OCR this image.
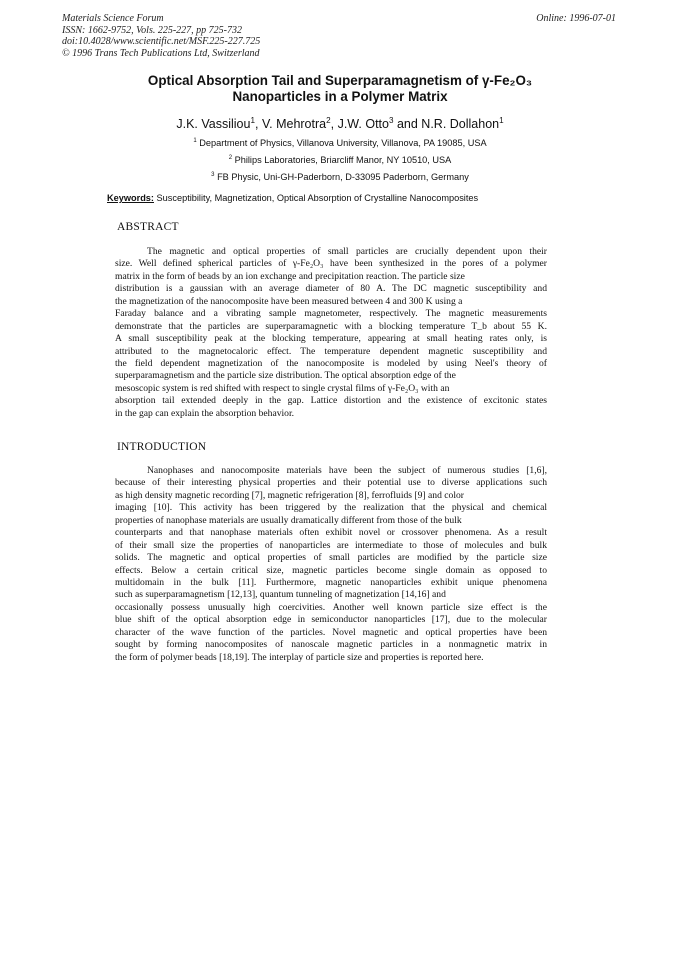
Materials Science Forum
ISSN: 1662-9752, Vols. 225-227, pp 725-732
doi:10.4028/www.scientific.net/MSF.225-227.725
© 1996 Trans Tech Publications Ltd, Switzerland
Online: 1996-07-01
Optical Absorption Tail and Superparamagnetism of γ-Fe₂O₃
Nanoparticles in a Polymer Matrix
J.K. Vassiliou$^1$, V. Mehrotra$^2$, J.W. Otto$^3$ and N.R. Dollahon$^1$
$^1$ Department of Physics, Villanova University, Villanova, PA 19085, USA
$^2$ Philips Laboratories, Briarcliff Manor, NY 10510, USA
$^3$ FB Physic, Uni-GH-Paderborn, D-33095 Paderborn, Germany
Keywords: Susceptibility, Magnetization, Optical Absorption of Crystalline Nanocomposites
ABSTRACT
The magnetic and optical properties of small particles are crucially dependent upon their
size. Well defined spherical particles of γ-Fe₂O₃ have been synthesized in the pores of a polymer
matrix in the form of beads by an ion exchange and precipitation reaction. The particle size
distribution is a gaussian with an average diameter of 80 A. The DC magnetic susceptibility and
the magnetization of the nanocomposite have been measured between 4 and 300 K using a
Faraday balance and a vibrating sample magnetometer, respectively. The magnetic measurements
demonstrate that the particles are superparamagnetic with a blocking temperature T_b about 55 K.
A small susceptibility peak at the blocking temperature, appearing at small heating rates only, is
attributed to the magnetocaloric effect. The temperature dependent magnetic susceptibility and
the field dependent magnetization of the nanocomposite is modeled by using Neel's theory of
superparamagnetism and the particle size distribution. The optical absorption edge of the
mesoscopic system is red shifted with respect to single crystal films of γ-Fe₂O₃ with an
absorption tail extended deeply in the gap. Lattice distortion and the existence of excitonic states
in the gap can explain the absorption behavior.
INTRODUCTION
Nanophases and nanocomposite materials have been the subject of numerous studies [1,6],
because of their interesting physical properties and their potential use to diverse applications such
as high density magnetic recording [7], magnetic refrigeration [8], ferrofluids [9] and color
imaging [10]. This activity has been triggered by the realization that the physical and chemical
properties of nanophase materials are usually dramatically different from those of the bulk
counterparts and that nanophase materials often exhibit novel or crossover phenomena. As a result
of their small size the properties of nanoparticles are intermediate to those of molecules and bulk
solids. The magnetic and optical properties of small particles are modified by the particle size
effects. Below a certain critical size, magnetic particles become single domain as opposed to
multidomain in the bulk [11]. Furthermore, magnetic nanoparticles exhibit unique phenomena
such as superparamagnetism [12,13], quantum tunneling of magnetization [14,16] and
occasionally possess unusually high coercivities. Another well known particle size effect is the
blue shift of the optical absorption edge in semiconductor nanoparticles [17], due to the molecular
character of the wave function of the particles. Novel magnetic and optical properties have been
sought by forming nanocomposites of nanoscale magnetic particles in a nonmagnetic matrix in
the form of polymer beads [18,19]. The interplay of particle size and properties is reported here.
